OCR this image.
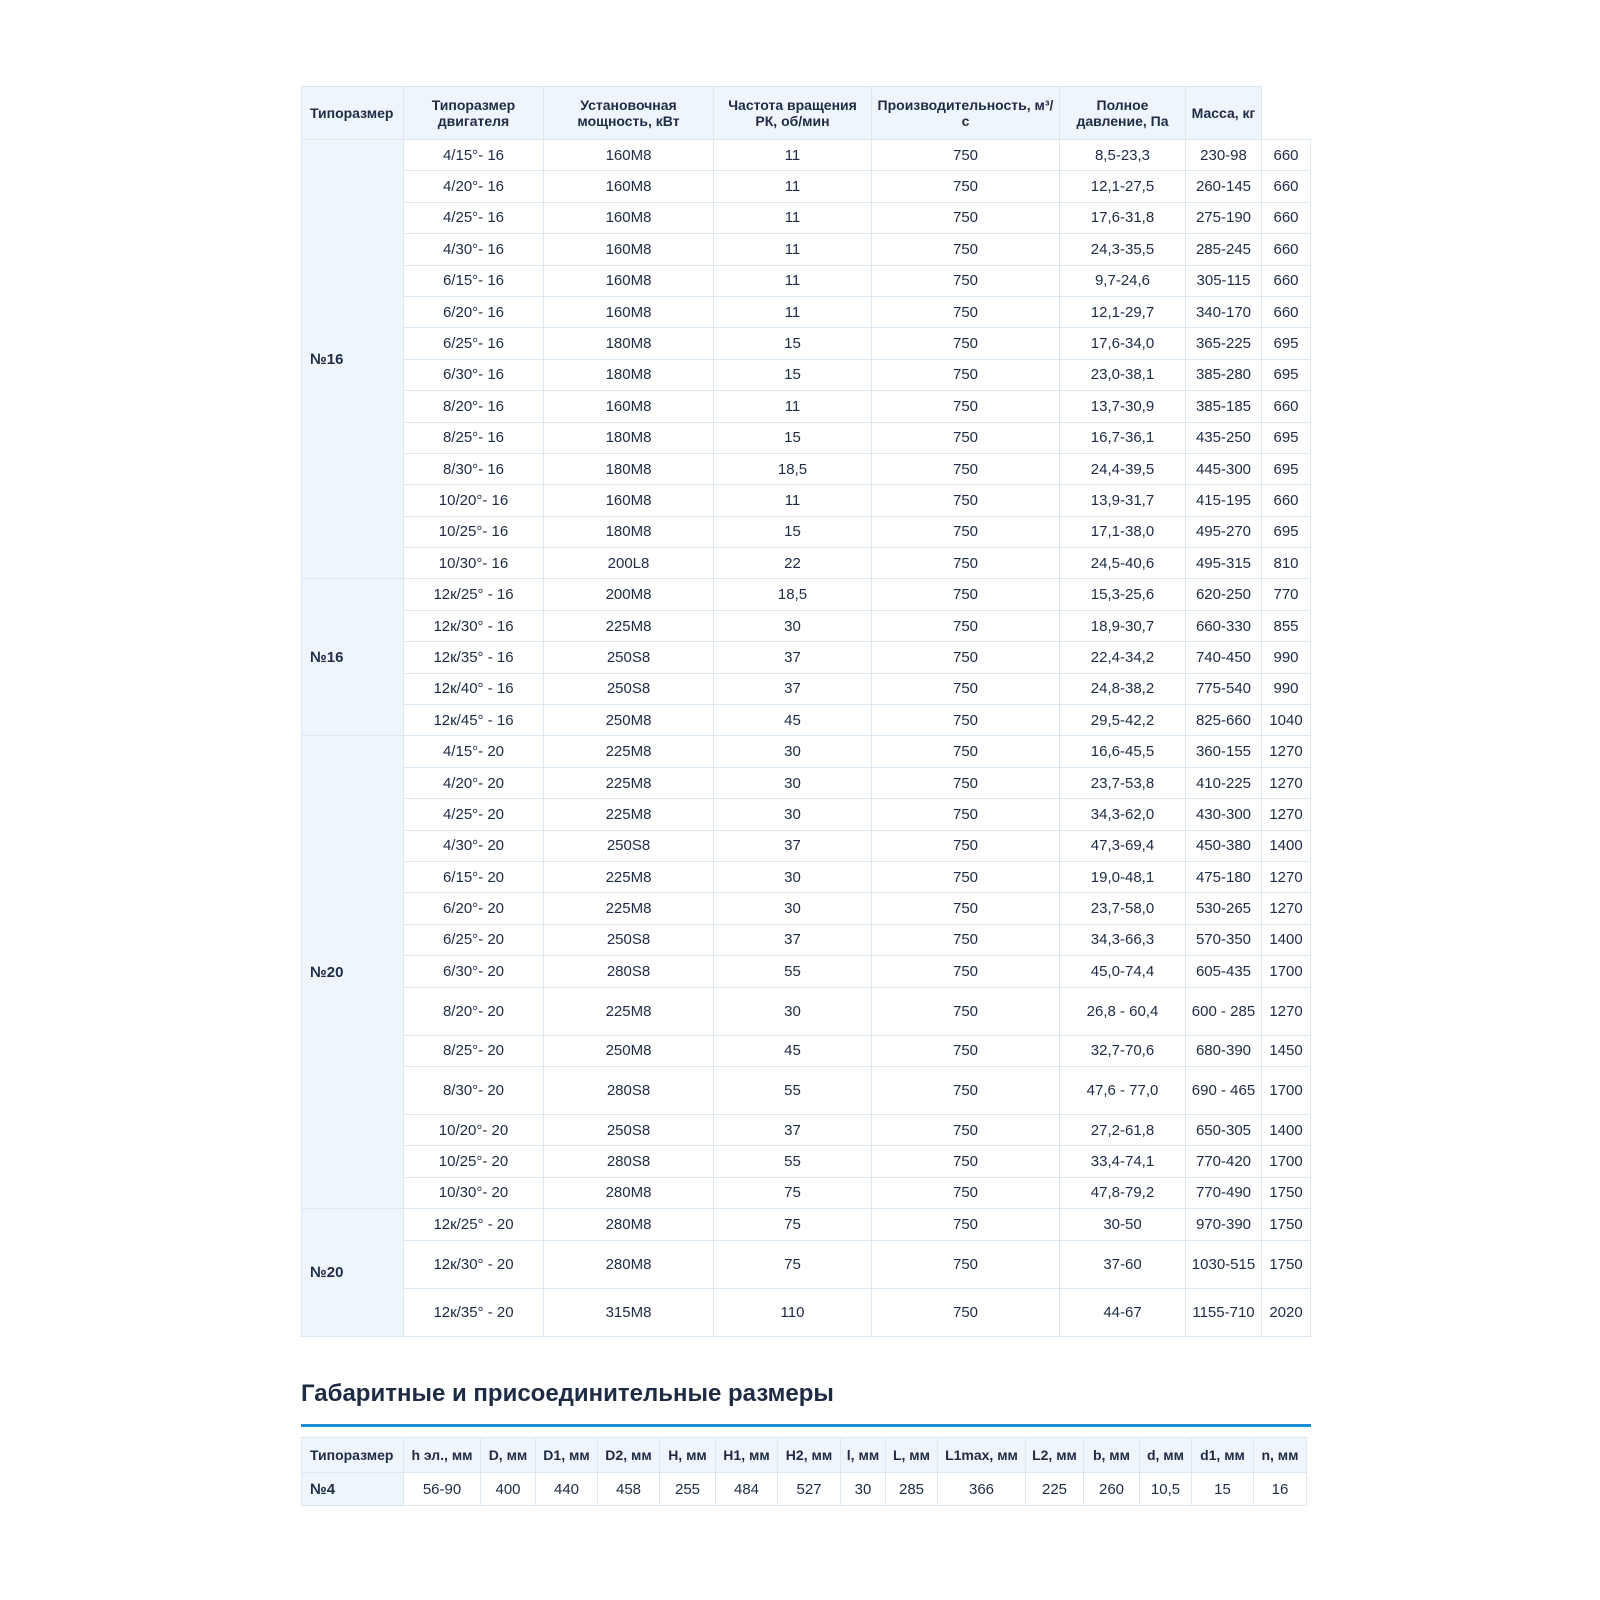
Типоразмер	Типоразмер двигателя	Установочная мощность, кВт	Частота вращения РК, об/мин	Производительность, м³/с	Полное давление, Па	Масса, кг	
№16	4/15°- 16	160M8	11	750	8,5-23,3	230-98	660
	4/20°- 16	160M8	11	750	12,1-27,5	260-145	660
	4/25°- 16	160M8	11	750	17,6-31,8	275-190	660
	4/30°- 16	160M8	11	750	24,3-35,5	285-245	660
	6/15°- 16	160M8	11	750	9,7-24,6	305-115	660
	6/20°- 16	160M8	11	750	12,1-29,7	340-170	660
	6/25°- 16	180M8	15	750	17,6-34,0	365-225	695
	6/30°- 16	180M8	15	750	23,0-38,1	385-280	695
	8/20°- 16	160M8	11	750	13,7-30,9	385-185	660
	8/25°- 16	180M8	15	750	16,7-36,1	435-250	695
	8/30°- 16	180M8	18,5	750	24,4-39,5	445-300	695
	10/20°- 16	160M8	11	750	13,9-31,7	415-195	660
	10/25°- 16	180M8	15	750	17,1-38,0	495-270	695
	10/30°- 16	200L8	22	750	24,5-40,6	495-315	810
№16	12к/25° - 16	200M8	18,5	750	15,3-25,6	620-250	770
	12к/30° - 16	225M8	30	750	18,9-30,7	660-330	855
	12к/35° - 16	250S8	37	750	22,4-34,2	740-450	990
	12к/40° - 16	250S8	37	750	24,8-38,2	775-540	990
	12к/45° - 16	250M8	45	750	29,5-42,2	825-660	1040
№20	4/15°- 20	225M8	30	750	16,6-45,5	360-155	1270
	4/20°- 20	225M8	30	750	23,7-53,8	410-225	1270
	4/25°- 20	225M8	30	750	34,3-62,0	430-300	1270
	4/30°- 20	250S8	37	750	47,3-69,4	450-380	1400
	6/15°- 20	225M8	30	750	19,0-48,1	475-180	1270
	6/20°- 20	225M8	30	750	23,7-58,0	530-265	1270
	6/25°- 20	250S8	37	750	34,3-66,3	570-350	1400
	6/30°- 20	280S8	55	750	45,0-74,4	605-435	1700
	8/20°- 20	225M8	30	750	26,8 - 60,4	600 - 285	1270
	8/25°- 20	250M8	45	750	32,7-70,6	680-390	1450
	8/30°- 20	280S8	55	750	47,6 - 77,0	690 - 465	1700
	10/20°- 20	250S8	37	750	27,2-61,8	650-305	1400
	10/25°- 20	280S8	55	750	33,4-74,1	770-420	1700
	10/30°- 20	280M8	75	750	47,8-79,2	770-490	1750
№20	12к/25° - 20	280M8	75	750	30-50	970-390	1750
	12к/30° - 20	280M8	75	750	37-60	1030-515	1750
	12к/35° - 20	315M8	110	750	44-67	1155-710	2020
Габаритные и присоединительные размеры
Типоразмер	h эл., мм	D, мм	D1, мм	D2, мм	H, мм	H1, мм	H2, мм	l, мм	L, мм	L1max, мм	L2, мм	b, мм	d, мм	d1, мм	n, мм
№4	56-90	400	440	458	255	484	527	30	285	366	225	260	10,5	15	16
